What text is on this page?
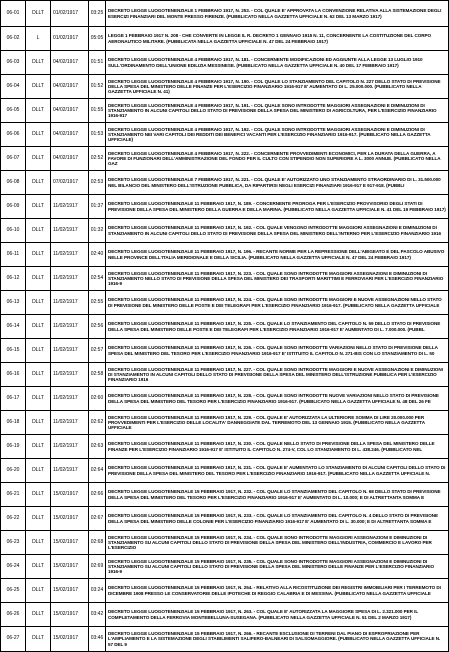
06-01	DLLT	01/02/1917	03:25	DECRETO LEGGE LUOGOTENENZIALE 1 FEBBRAIO 1917, N. 253. - COL QUALE E' APPROVATA LA CONVENZIONE RELATIVA ALLA SISTEMAZIONE DEGLI ESERCIZI FINANZIARI DEL MONTE PRESSO FIRENZE. (PUBBLICATO NELLA GAZZETTA UFFICIALE N. 62 DEL 13 MARZO 1917)

06-02	L	01/02/1917	05:05	LEGGE 1 FEBBRAIO 1917 N. 208 - CHE CONVERTE IN LEGGE IL R. DECRETO 1 GENNAIO 1915 N. 11, CONCERNENTE LA COSTITUZIONE DEL CORPO AERONAUTICO MILITARE. (PUBBLICATA NELLA GAZZETTA UFFICIALE N. 47 DEL 24 FEBBRAIO 1917)

06-03	DLLT	04/02/1917	01:51	DECRETO LEGGE LUOGOTENENZIALE 4 FEBBRAIO 1917, N. 181. - CONCERNENTE MODIFICAZIONI ED AGGIUNTE ALLA LEGGE 13 LUGLIO 1910 SULL'ORDINAMENTO DELL'UNIONE EDILIZIA MESSINESE. (PUBBLICATO NELLA GAZZETTA UFFICIALE N. 40 DEL 17 FEBBRAIO 1917)

06-04	DLLT	04/02/1917	01:52	DECRETO LEGGE LUOGOTENENZIALE 4 FEBBRAIO 1917, N. 190. - COL QUALE LO STANZIAMENTO DEL CAPITOLO N. 227 DELLO STATO DI PREVISIONE DELLA SPESA DEL MINISTERO DELLE FINANZE PER L'ESERCIZIO FINANZIARIO 1916-917 E' AUMENTATO DI L. 25.000.000. (PUBBLICATO NELLA GAZZETTA UFFICIALE N. 41)

06-05	DLLT	04/02/1917	01:55	DECRETO LEGGE LUOGOTENENZIALE 4 FEBBRAIO 1917, N. 191. - COL QUALE SONO INTRODOTTE MAGGIORI ASSEGNAZIONI E DIMINUZIONI DI STANZIAMENTO IN ALCUNI CAPITOLI DELLO STATO DI PREVISIONE DELLA SPESA DEL MINISTERO DI AGRICOLTURA, PER L'ESERCIZIO FINANZIARIO 1916-917

06-06	DLLT	04/02/1917	01:53	DECRETO LEGGE LUOGOTENENZIALE 4 FEBBRAIO 1917, N. 192. - COL QUALE SONO INTRODOTTE MAGGIORI ASSEGNAZIONI E DIMINUZIONI DI STANZIAMENTO NEI VARI CAPITOLI DEI REDDITI DEI BENEFICI VACANTI PER L'ESERCIZIO FINANZIARIO 1916-917. (PUBBLICATO NELLA GAZZETTA UFFICIALE)

06-07	DLLT	04/02/1917	02:52	DECRETO LEGGE LUOGOTENENZIALE 4 FEBBRAIO 1917, N. 222. - CONCERNENTE PROVVEDIMENTI ECONOMICI, PER LA DURATA DELLA GUERRA, A FAVORE DI FUNZIONARI DELL'AMMINISTRAZIONE DEL FONDO PER IL CULTO CON STIPENDIO NON SUPERIORE A L. 3000 ANNUE. (PUBBLICATO NELLA GAZ

06-08	DLLT	07/02/1917	02:53	DECRETO LEGGE LUOGOTENENZIALE 7 FEBBRAIO 1917, N. 221. - COL QUALE E' AUTORIZZATO UNO STANZIAMENTO STRAORDINARIO DI L. 31.500.000 NEL BILANCIO DEL MINISTERO DELL'ISTRUZIONE PUBBLICA, DA RIPARTIRSI NEGLI ESERCIZI FINANZIARI 1916-917 E 917-918. (PUBBLI

06-09	DLLT	11/02/1917	01:37	DECRETO LEGGE LUOGOTENENZIALE 11 FEBBRAIO 1917, N. 189. - CONCERNENTE PROROGA PER L'ESERCIZIO PROVVISORIO DEGLI STATI DI PREVISIONE DELLA SPESA DEL MINISTERO DELLA GUERRA E DELLA MARINA. (PUBBLICATO NELLA GAZZETTA UFFICIALE N. 41 DEL 19 FEBBRAIO 1917)

06-10	DLLT	11/02/1917	01:32	DECRETO LEGGE LUOGOTENENZIALE 11 FEBBRAIO 1917, N. 192. - COL QUALE VENGONO INTRODOTTE MAGGIORI ASSEGNAZIONI E DIMINUZIONI DI STANZIAMENTO IN ALCUNI CAPITOLI DELLO STATO DI PREVISIONE DELLA SPESA DEL MINISTERO DELL'INTERNO PER L'ESERCIZIO FINANZIARIO 1916

06-11	DLLT	11/02/1917	02:40	DECRETO LEGGE LUOGOTENENZIALE 11 FEBBRAIO 1917, N. 196. - RECANTE NORME PER LA REPRESSIONE DELL'ABIGEATO E DEL PASCOLO ABUSIVO NELLE PROVINCE DELL'ITALIA MERIDIONALE E DELLA SICILIA. (PUBBLICATO NELLA GAZZETTA UFFICIALE N. 47 DEL 24 FEBBRAIO 1917)

06-12	DLLT	11/02/1917	02:54	DECRETO LEGGE LUOGOTENENZIALE 11 FEBBRAIO 1917, N. 223. - COL QUALE SONO INTRODOTTE MAGGIORI ASSEGNAZIONI E DIMINUZIONI DI STANZIAMENTO NELLO STATO DI PREVISIONE DELLA SPESA DEL MINISTERO DEI TRASPORTI MARITTIMI E FERROVIARI PER L'ESERCIZIO FINANZIARIO 1916-9

06-13	DLLT	11/02/1917	02:55	DECRETO LEGGE LUOGOTENENZIALE 11 FEBBRAIO 1917, N. 224. - COL QUALE SONO INTRODOTTE MAGGIORI E NUOVE ASSEGNAZIONI NELLO STATO DI PREVISIONE DEL MINISTERO DELLE POSTE E DEI TELEGRAFI PER L'ESERCIZIO FINANZIARIO 1916-917. (PUBBLICATO NELLA GAZZETTA UFFICIALE

06-14	DLLT	11/02/1917	02:56	DECRETO LEGGE LUOGOTENENZIALE 11 FEBBRAIO 1917, N. 225. - COL QUALE LO STANZIAMENTO DEL CAPITOLO N. 59 DELLO STATO DI PREVISIONE DELLA SPESA DEL MINISTERO DELLE POSTE E DEI TELEGRAFI PER L'ESERCIZIO FINANZIARIO 1916-917 E' AUMENTATO DI L. 7.000.000. (PUBBL

06-15	DLLT	11/02/1917	02:57	DECRETO LEGGE LUOGOTENENZIALE 11 FEBBRAIO 1917, N. 226. - COL QUALE SONO INTRODOTTE VARIAZIONI NELLO STATO DI PREVISIONE DELLA SPESA DEL MINISTERO DEL TESORO PER L'ESERCIZIO FINANZIARIO 1916-917 E' ISTITUITO IL CAPITOLO N. 271-BIS CON LO STANZIAMENTO DI L. 50

06-16	DLLT	11/02/1917	02:58	DECRETO LEGGE LUOGOTENENZIALE 11 FEBBRAIO 1917, N. 227. - COL QUALE SONO INTRODOTTE MAGGIORI E NUOVE ASSEGNAZIONI E DIMINUZIONI DI STANZIAMENTO IN ALCUNI CAPITOLI DELLO STATO DI PREVISIONE DELLA SPESA DEL MINISTERO DELL'ISTRUZIONE PUBBLICA PER L'ESERCIZIO FINANZIARIO 1916

06-17	DLLT	11/02/1917	02:60	DECRETO LEGGE LUOGOTENENZIALE 11 FEBBRAIO 1917, N. 228. - COL QUALE SONO INTRODOTTE NUOVE VARIAZIONI NELLO STATO DI PREVISIONE DELLA SPESA DEL MINISTERO DEL TESORO PER L'ESERCIZIO FINANZIARIO 1916-917. (PUBBLICATO NELLA GAZZETTA UFFICIALE N. 48 DEL 26 FE

06-18	DLLT	11/02/1917	02:62	DECRETO LEGGE LUOGOTENENZIALE 11 FEBBRAIO 1917, N. 229. - COL QUALE E' AUTORIZZATA LA ULTERIORE SOMMA DI LIRE 20.000.000 PER PROVVEDIMENTI PER L'ESERCIZIO DELLE LOCALITA' DANNEGGIATE DAL TERREMOTO DEL 13 GENNAIO 1915. (PUBBLICATO NELLA GAZZETTA UFFICIALE

06-19	DLLT	11/02/1917	02:63	DECRETO LEGGE LUOGOTENENZIALE 11 FEBBRAIO 1917, N. 230. - COL QUALE NELLO STATO DI PREVISIONE DELLA SPESA DEL MINISTERO DELLE FINANZE PER L'ESERCIZIO FINANZIARIO 1916-917 E' ISTITUITO IL CAPITOLO N. 274-V, COL LO STANZIAMENTO DI L. 438.246. (PUBBLICATO NEL

06-20	DLLT	11/02/1917	02:64	DECRETO LEGGE LUOGOTENENZIALE 11 FEBBRAIO 1917, N. 231. - COL QUALE E' AUMENTATO LO STANZIAMENTO DI ALCUNI CAPITOLI DELLO STATO DI PREVISIONE DELLA SPESA DEL MINISTERO DEL TESORO PER L'ESERCIZIO FINANZIARIO 1916-917. (PUBBLICATO NELLA GAZZETTA UFFICIALE N.

06-21	DLLT	15/02/1917	02:66	DECRETO LEGGE LUOGOTENENZIALE 15 FEBBRAIO 1917, N. 232. - COL QUALE LO STANZIAMENTO DEL CAPITOLO N. 68 DELLO STATO DI PREVISIONE DELLA SPESA DEL MINISTERO DEL TESORO PER L'ESERCIZIO FINANZIARIO 1916-917 E' AUMENTATO DI L. 10.000; E DI ALTRETTANTA SOMMA E

06-22	DLLT	15/02/1917	02:67	DECRETO LEGGE LUOGOTENENZIALE 15 FEBBRAIO 1917, N. 233. - COL QUALE LO STANZIAMENTO DEL CAPITOLO N. 4 DELLO STATO DI PREVISIONE DELLA SPESA DEL MINISTERO DELLE COLONIE PER L'ESERCIZIO FINANZIARIO 1916-917 E' AUMENTATO DI L. 30.000; E DI ALTRETTANTA SOMMA E

06-23	DLLT	15/02/1917	02:68	DECRETO LEGGE LUOGOTENENZIALE 15 FEBBRAIO 1917, N. 234. - COL QUALE SONO INTRODOTTE MAGGIORI ASSEGNAZIONI E DIMINUZIONI DI STANZIAMENTO SU ALCUNI CAPITOLI DELLO STATO DI PREVISIONE DELLA SPESA DEL MINISTERO DELL'INDUSTRIA, COMMERCIO E LAVORO PER L'ESERCIZIO

06-24	DLLT	15/02/1917	02:69	DECRETO LEGGE LUOGOTENENZIALE 15 FEBBRAIO 1917, N. 235. - COL QUALE SONO INTRODOTTE MAGGIORI ASSEGNAZIONI E DIMINUZIONI DI STANZIAMENTO SU ALCUNI CAPITOLI DELLO STATO DI PREVISIONE DELLA SPESA DEL MINISTERO DELLE FINANZE PER L'ESERCIZIO FINANZIARIO 1916-9

06-25	DLLT	15/02/1917	03:24	DECRETO LEGGE LUOGOTENENZIALE 15 FEBBRAIO 1917, N. 254. - RELATIVO ALLA RICOSTITUZIONE DEI REGISTRI IMMOBILIARI PER I TERREMOTO DI DICEMBRE 1908 PRESSO LE CONSERVATORIE DELLE IPOTECHE DI REGGIO CALABRIA E DI MESSINA. (PUBBLICATO NELLA GAZZETTA UFFICIALE

06-26	DLLT	15/02/1917	03:42	DECRETO LEGGE LUOGOTENENZIALE 15 FEBBRAIO 1917, N. 263. - COL QUALE E' AUTORIZZATA LA MAGGIORE SPESA DI L. 2.321.000 PER IL COMPLETAMENTO DELLA FERROVIA MONTEBELLUNA-SUSEGANA. (PUBBLICATO NELLA GAZZETTA UFFICIALE N. 51 DEL 2 MARZO 1917)

06-27	DLLT	15/02/1917	03:46	DECRETO LEGGE LUOGOTENENZIALE 15 FEBBRAIO 1917, N. 266. - RECANTE ESCLUSIONE DI TERRENI DAL PIANO DI ESPROPRIAZIONE PER L'AMPLIAMENTO E LA SISTEMAZIONE DEGLI STABILIMENTI SALIFERO-BALNEARI DI SALSOMAGGIORE. (PUBBLICATO NELLA GAZZETTA UFFICIALE N. 57 DEL 9
